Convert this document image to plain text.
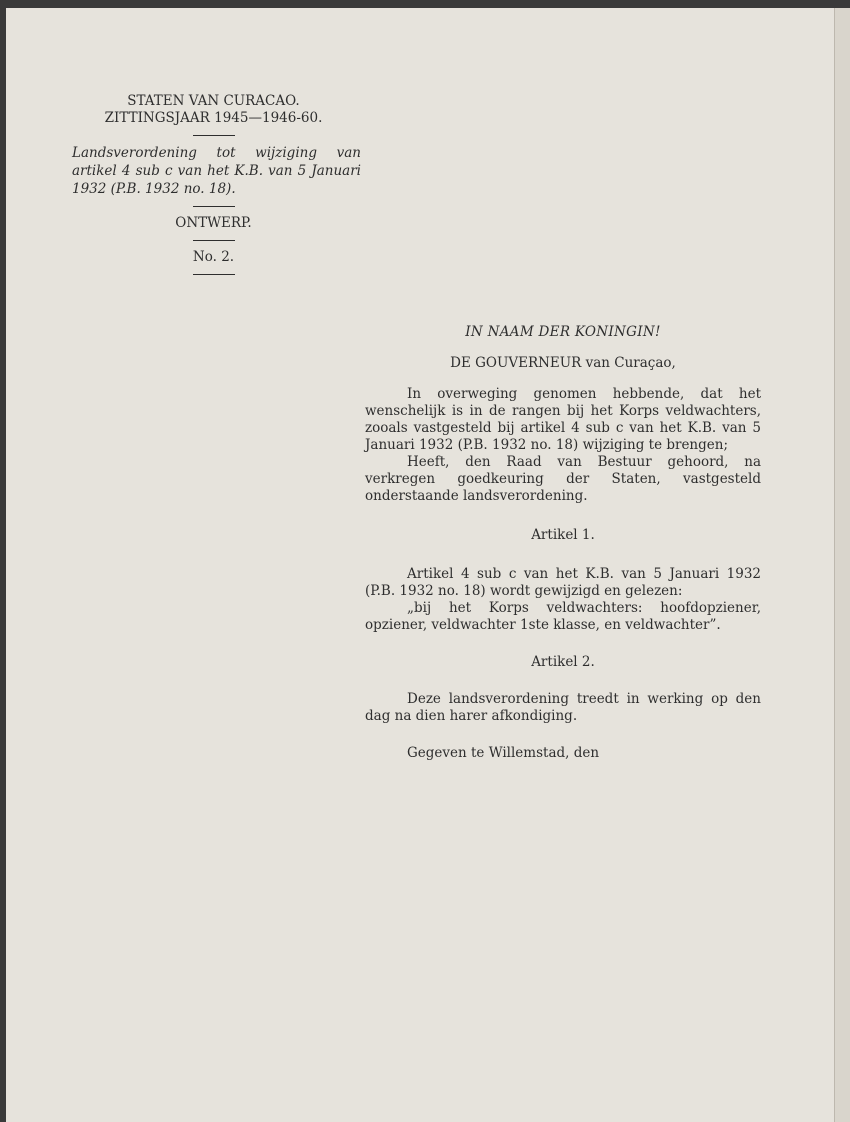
STATEN VAN CURACAO.
ZITTINGSJAAR 1945—1946-60.
Landsverordening tot wijziging van artikel 4 sub c van het K.B. van 5 Januari 1932 (P.B. 1932 no. 18).
ONTWERP.
No. 2.
IN NAAM DER KONINGIN!
DE GOUVERNEUR van Curaçao,

In overweging genomen hebbende, dat het wenschelijk is in de rangen bij het Korps veldwachters, zooals vastgesteld bij artikel 4 sub c van het K.B. van 5 Januari 1932 (P.B. 1932 no. 18) wijziging te brengen;

Heeft, den Raad van Bestuur gehoord, na verkregen goedkeuring der Staten, vastgesteld onderstaande landsverordening.

Artikel 1.

Artikel 4 sub c van het K.B. van 5 Januari 1932 (P.B. 1932 no. 18) wordt gewijzigd en gelezen:

„bij het Korps veldwachters: hoofdopziener, opziener, veldwachter 1ste klasse, en veldwachter”.

Artikel 2.

Deze landsverordening treedt in werking op den dag na dien harer afkondiging.

Gegeven te Willemstad, den
